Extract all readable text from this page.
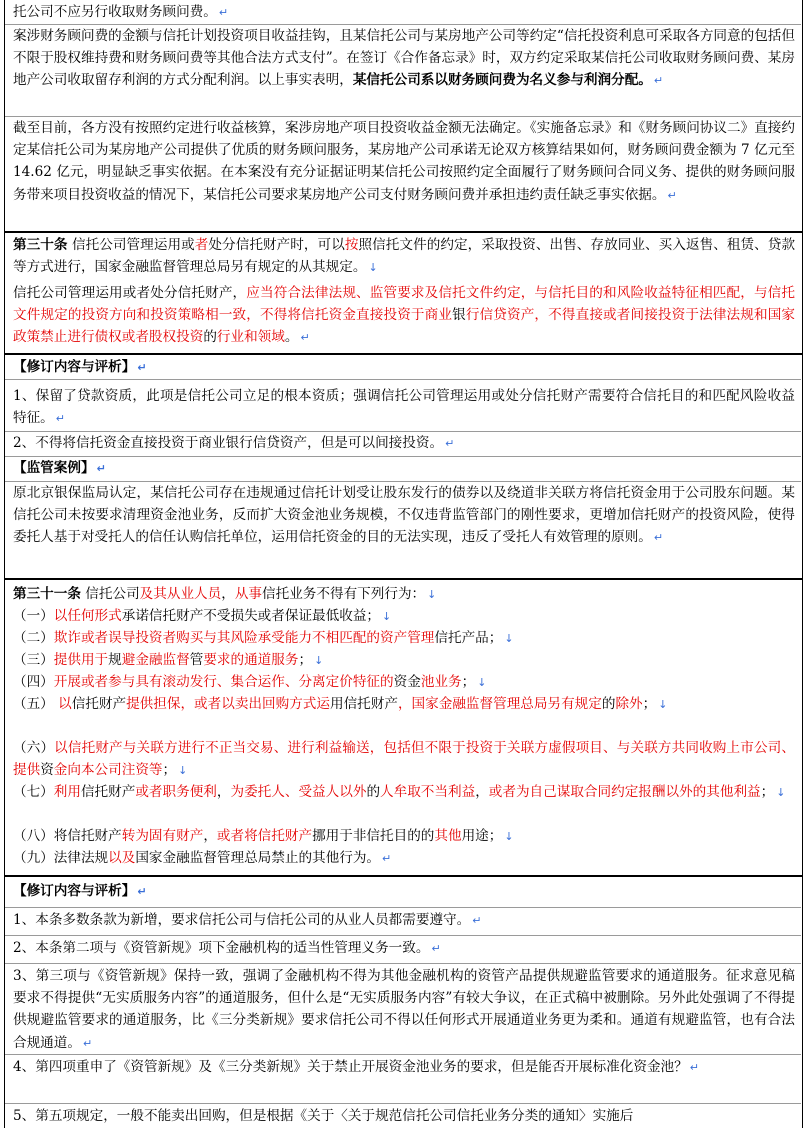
托公司不应另行收取财务顾问费。 ↵

案涉财务顾问费的金额与信托计划投资项目收益挂钩，且某信托公司与某房地产公司等约定“信托投资利息可采取各方同意的包括但不限于股权维持费和财务顾问费等其他合法方式支付”。在签订《合作备忘录》时，双方约定采取某信托公司收取财务顾问费、某房地产公司收取留存利润的方式分配利润。以上事实表明，某信托公司系以财务顾问费为名义参与利润分配。 ↵

截至目前，各方没有按照约定进行收益核算，案涉房地产项目投资收益金额无法确定。《实施备忘录》和《财务顾问协议二》直接约定某信托公司为某房地产公司提供了优质的财务顾问服务，某房地产公司承诺无论双方核算结果如何，财务顾问费金额为 7 亿元至 14.62 亿元，明显缺乏事实依据。在本案没有充分证据证明某信托公司按照约定全面履行了财务顾问合同义务、提供的财务顾问服务带来项目投资收益的情况下，某信托公司要求某房地产公司支付财务顾问费并承担违约责任缺乏事实依据。 ↵

第三十条 信托公司管理运用或者处分信托财产时，可以按照信托文件的约定，采取投资、出售、存放同业、买入返售、租赁、贷款等方式进行，国家金融监督管理总局另有规定的从其规定。 ↓

信托公司管理运用或者处分信托财产，应当符合法律法规、监管要求及信托文件约定，与信托目的和风险收益特征相匹配，与信托文件规定的投资方向和投资策略相一致，不得将信托资金直接投资于商业银行信贷资产，不得直接或者间接投资于法律法规和国家政策禁止进行债权或者股权投资的行业和领域。 ↵

【修订内容与评析】 ↵

1、保留了贷款资质，此项是信托公司立足的根本资质；强调信托公司管理运用或处分信托财产需要符合信托目的和匹配风险收益特征。 ↵

2、不得将信托资金直接投资于商业银行信贷资产，但是可以间接投资。 ↵

【监管案例】 ↵

原北京银保监局认定，某信托公司存在违规通过信托计划受让股东发行的债券以及绕道非关联方将信托资金用于公司股东问题。某信托公司未按要求清理资金池业务，反而扩大资金池业务规模，不仅违背监管部门的刚性要求，更增加信托财产的投资风险，使得委托人基于对受托人的信任认购信托单位，运用信托资金的目的无法实现，违反了受托人有效管理的原则。 ↵

第三十一条 信托公司及其从业人员，从事信托业务不得有下列行为： ↓

（一）以任何形式承诺信托财产不受损失或者保证最低收益； ↓

（二）欺诈或者误导投资者购买与其风险承受能力不相匹配的资产管理信托产品； ↓

（三）提供用于规避金融监督管要求的通道服务； ↓

（四）开展或者参与具有滚动发行、集合运作、分离定价特征的资金池业务； ↓

（五） 以信托财产提供担保，或者以卖出回购方式运用信托财产，国家金融监督管理总局另有规定的除外； ↓

（六）以信托财产与关联方进行不正当交易、进行利益输送，包括但不限于投资于关联方虚假项目、与关联方共同收购上市公司、提供资金向本公司注资等； ↓

（七）利用信托财产或者职务便利，为委托人、受益人以外的人牟取不当利益，或者为自己谋取合同约定报酬以外的其他利益； ↓

（八）将信托财产转为固有财产，或者将信托财产挪用于非信托目的的其他用途； ↓

（九）法律法规以及国家金融监督管理总局禁止的其他行为。 ↵

【修订内容与评析】 ↵

1、本条多数条款为新增，要求信托公司与信托公司的从业人员都需要遵守。 ↵

2、本条第二项与《资管新规》项下金融机构的适当性管理义务一致。 ↵

3、第三项与《资管新规》保持一致，强调了金融机构不得为其他金融机构的资管产品提供规避监管要求的通道服务。征求意见稿要求不得提供“无实质服务内容”的通道服务，但什么是“无实质服务内容”有较大争议，在正式稿中被删除。另外此处强调了不得提供规避监管要求的通道服务，比《三分类新规》要求信托公司不得以任何形式开展通道业务更为柔和。通道有规避监管，也有合法合规通道。 ↵

4、第四项重申了《资管新规》及《三分类新规》关于禁止开展资金池业务的要求，但是能否开展标准化资金池？ ↵

5、第五项规定，一般不能卖出回购，但是根据《关于〈关于规范信托公司信托业务分类的通知〉实施后
